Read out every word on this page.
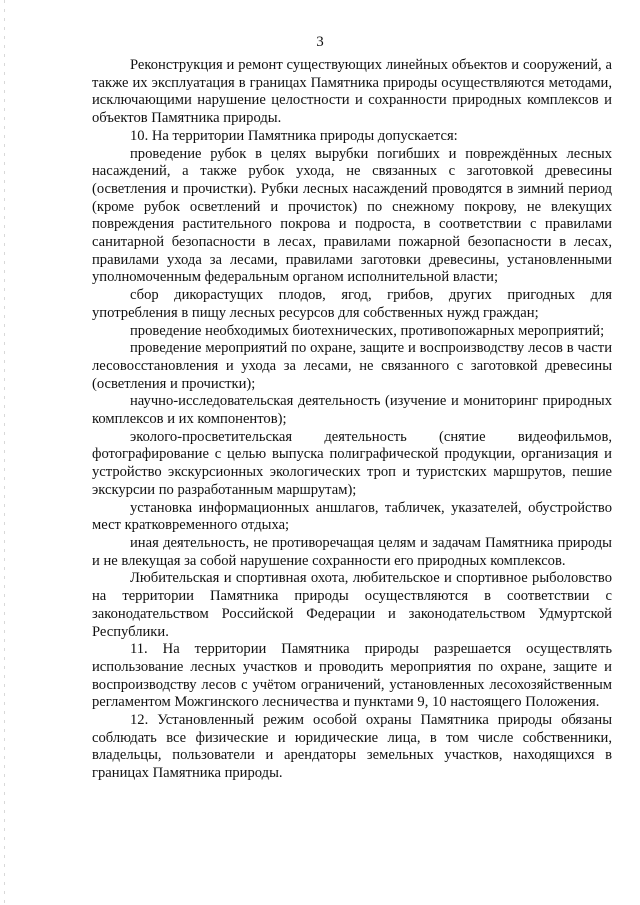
3

Реконструкция и ремонт существующих линейных объектов и сооружений, а также их эксплуатация в границах Памятника природы осуществляются методами, исключающими нарушение целостности и сохранности природных комплексов и объектов Памятника природы.

10. На территории Памятника природы допускается:

проведение рубок в целях вырубки погибших и повреждённых лесных насаждений, а также рубок ухода, не связанных с заготовкой древесины (осветления и прочистки). Рубки лесных насаждений проводятся в зимний период (кроме рубок осветлений и прочисток) по снежному покрову, не влекущих повреждения растительного покрова и подроста, в соответствии с правилами санитарной безопасности в лесах, правилами пожарной безопасности в лесах, правилами ухода за лесами, правилами заготовки древесины, установленными уполномоченным федеральным органом исполнительной власти;

сбор дикорастущих плодов, ягод, грибов, других пригодных для употребления в пищу лесных ресурсов для собственных нужд граждан;

проведение необходимых биотехнических, противопожарных мероприятий;

проведение мероприятий по охране, защите и воспроизводству лесов в части лесовосстановления и ухода за лесами, не связанного с заготовкой древесины (осветления и прочистки);

научно-исследовательская деятельность (изучение и мониторинг природных комплексов и их компонентов);

эколого-просветительская деятельность (снятие видеофильмов, фотографирование с целью выпуска полиграфической продукции, организация и устройство экскурсионных экологических троп и туристских маршрутов, пешие экскурсии по разработанным маршрутам);

установка информационных аншлагов, табличек, указателей, обустройство мест кратковременного отдыха;

иная деятельность, не противоречащая целям и задачам Памятника природы и не влекущая за собой нарушение сохранности его природных комплексов.

Любительская и спортивная охота, любительское и спортивное рыболовство на территории Памятника природы осуществляются в соответствии с законодательством Российской Федерации и законодательством Удмуртской Республики.

11. На территории Памятника природы разрешается осуществлять использование лесных участков и проводить мероприятия по охране, защите и воспроизводству лесов с учётом ограничений, установленных лесохозяйственным регламентом Можгинского лесничества и пунктами 9, 10 настоящего Положения.

12. Установленный режим особой охраны Памятника природы обязаны соблюдать все физические и юридические лица, в том числе собственники, владельцы, пользователи и арендаторы земельных участков, находящихся в границах Памятника природы.
